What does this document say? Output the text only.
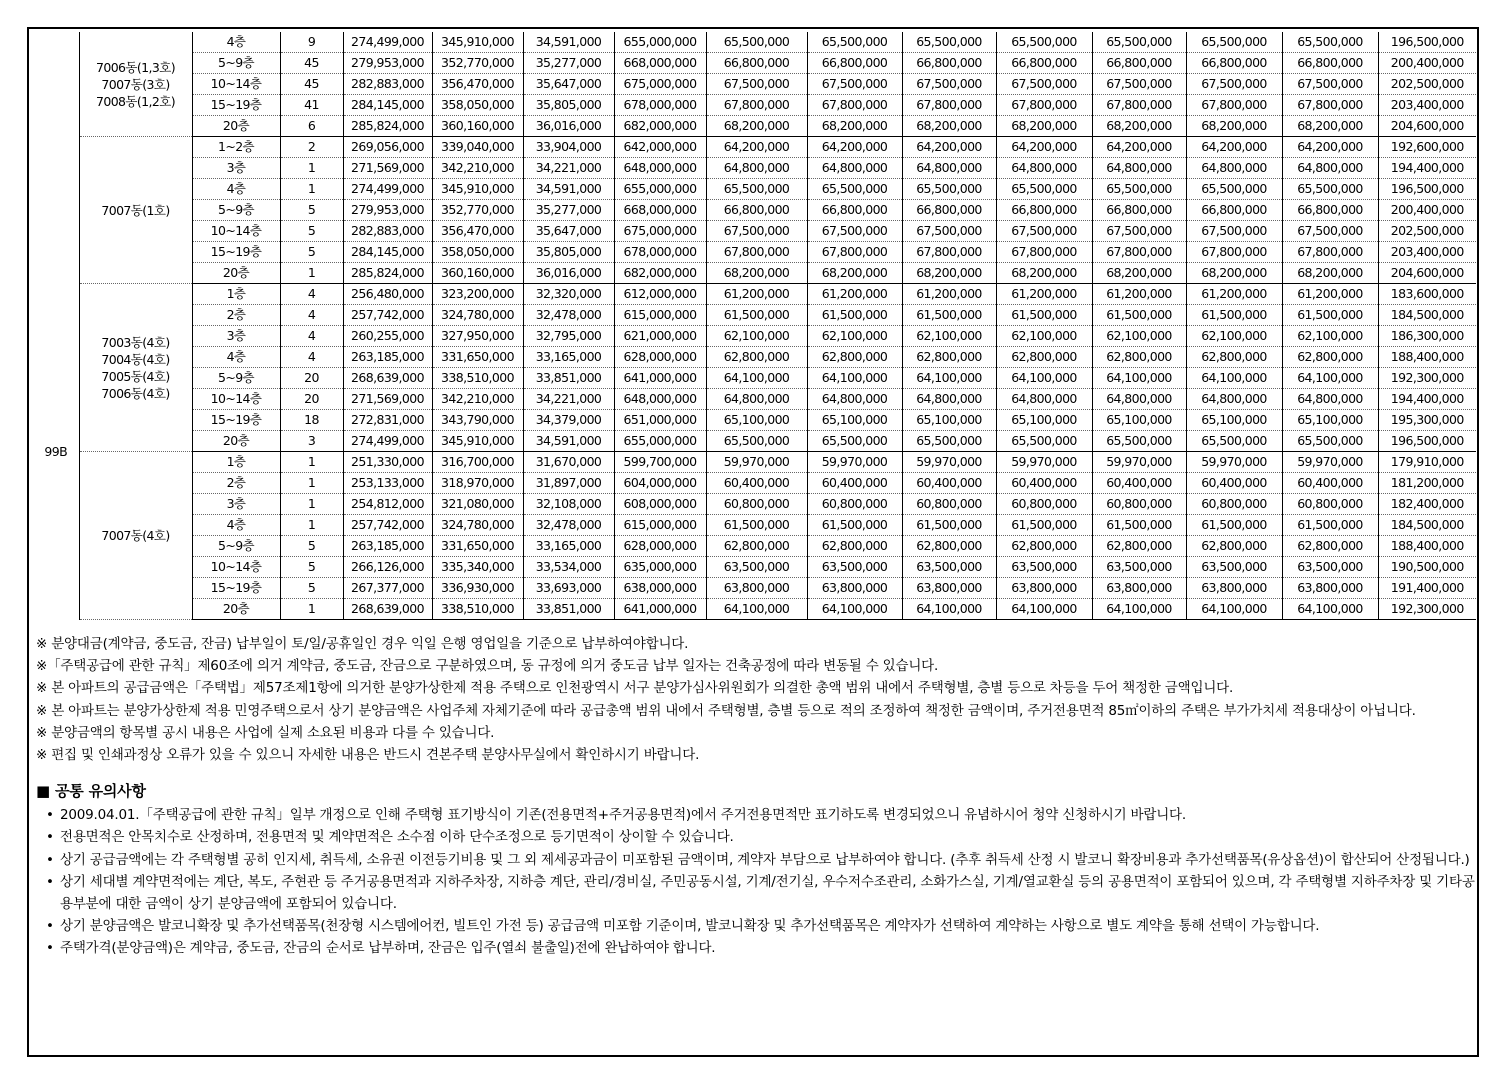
	7006동(1,3호)
7007동(3호)
7008동(1,2호)	4층	9	274,499,000	345,910,000	34,591,000	655,000,000	65,500,000	65,500,000	65,500,000	65,500,000	65,500,000	65,500,000	65,500,000	196,500,000
		5~9층	45	279,953,000	352,770,000	35,277,000	668,000,000	66,800,000	66,800,000	66,800,000	66,800,000	66,800,000	66,800,000	66,800,000	200,400,000
		10~14층	45	282,883,000	356,470,000	35,647,000	675,000,000	67,500,000	67,500,000	67,500,000	67,500,000	67,500,000	67,500,000	67,500,000	202,500,000
		15~19층	41	284,145,000	358,050,000	35,805,000	678,000,000	67,800,000	67,800,000	67,800,000	67,800,000	67,800,000	67,800,000	67,800,000	203,400,000
		20층	6	285,824,000	360,160,000	36,016,000	682,000,000	68,200,000	68,200,000	68,200,000	68,200,000	68,200,000	68,200,000	68,200,000	204,600,000

	7007동(1호)	1~2층	2	269,056,000	339,040,000	33,904,000	642,000,000	64,200,000	64,200,000	64,200,000	64,200,000	64,200,000	64,200,000	64,200,000	192,600,000
		3층	1	271,569,000	342,210,000	34,221,000	648,000,000	64,800,000	64,800,000	64,800,000	64,800,000	64,800,000	64,800,000	64,800,000	194,400,000
		4층	1	274,499,000	345,910,000	34,591,000	655,000,000	65,500,000	65,500,000	65,500,000	65,500,000	65,500,000	65,500,000	65,500,000	196,500,000
		5~9층	5	279,953,000	352,770,000	35,277,000	668,000,000	66,800,000	66,800,000	66,800,000	66,800,000	66,800,000	66,800,000	66,800,000	200,400,000
		10~14층	5	282,883,000	356,470,000	35,647,000	675,000,000	67,500,000	67,500,000	67,500,000	67,500,000	67,500,000	67,500,000	67,500,000	202,500,000
		15~19층	5	284,145,000	358,050,000	35,805,000	678,000,000	67,800,000	67,800,000	67,800,000	67,800,000	67,800,000	67,800,000	67,800,000	203,400,000
		20층	1	285,824,000	360,160,000	36,016,000	682,000,000	68,200,000	68,200,000	68,200,000	68,200,000	68,200,000	68,200,000	68,200,000	204,600,000
99B	7003동(4호)
7004동(4호)
7005동(4호)
7006동(4호)	1층	4	256,480,000	323,200,000	32,320,000	612,000,000	61,200,000	61,200,000	61,200,000	61,200,000	61,200,000	61,200,000	61,200,000	183,600,000
		2층	4	257,742,000	324,780,000	32,478,000	615,000,000	61,500,000	61,500,000	61,500,000	61,500,000	61,500,000	61,500,000	61,500,000	184,500,000
		3층	4	260,255,000	327,950,000	32,795,000	621,000,000	62,100,000	62,100,000	62,100,000	62,100,000	62,100,000	62,100,000	62,100,000	186,300,000
		4층	4	263,185,000	331,650,000	33,165,000	628,000,000	62,800,000	62,800,000	62,800,000	62,800,000	62,800,000	62,800,000	62,800,000	188,400,000
		5~9층	20	268,639,000	338,510,000	33,851,000	641,000,000	64,100,000	64,100,000	64,100,000	64,100,000	64,100,000	64,100,000	64,100,000	192,300,000
		10~14층	20	271,569,000	342,210,000	34,221,000	648,000,000	64,800,000	64,800,000	64,800,000	64,800,000	64,800,000	64,800,000	64,800,000	194,400,000
		15~19층	18	272,831,000	343,790,000	34,379,000	651,000,000	65,100,000	65,100,000	65,100,000	65,100,000	65,100,000	65,100,000	65,100,000	195,300,000
		20층	3	274,499,000	345,910,000	34,591,000	655,000,000	65,500,000	65,500,000	65,500,000	65,500,000	65,500,000	65,500,000	65,500,000	196,500,000

	7007동(4호)	1층	1	251,330,000	316,700,000	31,670,000	599,700,000	59,970,000	59,970,000	59,970,000	59,970,000	59,970,000	59,970,000	59,970,000	179,910,000
		2층	1	253,133,000	318,970,000	31,897,000	604,000,000	60,400,000	60,400,000	60,400,000	60,400,000	60,400,000	60,400,000	60,400,000	181,200,000
		3층	1	254,812,000	321,080,000	32,108,000	608,000,000	60,800,000	60,800,000	60,800,000	60,800,000	60,800,000	60,800,000	60,800,000	182,400,000
		4층	1	257,742,000	324,780,000	32,478,000	615,000,000	61,500,000	61,500,000	61,500,000	61,500,000	61,500,000	61,500,000	61,500,000	184,500,000
		5~9층	5	263,185,000	331,650,000	33,165,000	628,000,000	62,800,000	62,800,000	62,800,000	62,800,000	62,800,000	62,800,000	62,800,000	188,400,000
		10~14층	5	266,126,000	335,340,000	33,534,000	635,000,000	63,500,000	63,500,000	63,500,000	63,500,000	63,500,000	63,500,000	63,500,000	190,500,000
		15~19층	5	267,377,000	336,930,000	33,693,000	638,000,000	63,800,000	63,800,000	63,800,000	63,800,000	63,800,000	63,800,000	63,800,000	191,400,000
		20층	1	268,639,000	338,510,000	33,851,000	641,000,000	64,100,000	64,100,000	64,100,000	64,100,000	64,100,000	64,100,000	64,100,000	192,300,000
※ 분양대금(계약금, 중도금, 잔금) 납부일이 토/일/공휴일인 경우 익일 은행 영업일을 기준으로 납부하여야합니다.
※「주택공급에 관한 규칙」제60조에 의거 계약금, 중도금, 잔금으로 구분하였으며, 동 규정에 의거 중도금 납부 일자는 건축공정에 따라 변동될 수 있습니다.
※ 본 아파트의 공급금액은「주택법」제57조제1항에 의거한 분양가상한제 적용 주택으로 인천광역시 서구 분양가심사위원회가 의결한 총액 범위 내에서 주택형별, 층별 등으로 차등을 두어 책정한 금액입니다.
※ 본 아파트는 분양가상한제 적용 민영주택으로서 상기 분양금액은 사업주체 자체기준에 따라 공급총액 범위 내에서 주택형별, 층별 등으로 적의 조정하여 책정한 금액이며, 주거전용면적 85㎡이하의 주택은 부가가치세 적용대상이 아닙니다.
※ 분양금액의 항목별 공시 내용은 사업에 실제 소요된 비용과 다를 수 있습니다.
※ 편집 및 인쇄과정상 오류가 있을 수 있으니 자세한 내용은 반드시 견본주택 분양사무실에서 확인하시기 바랍니다.
■ 공통 유의사항
• 2009.04.01.「주택공급에 관한 규칙」일부 개정으로 인해 주택형 표기방식이 기존(전용면적+주거공용면적)에서 주거전용면적만 표기하도록 변경되었으니 유념하시어 청약 신청하시기 바랍니다.
• 전용면적은 안목치수로 산정하며, 전용면적 및 계약면적은 소수점 이하 단수조정으로 등기면적이 상이할 수 있습니다.
• 상기 공급금액에는 각 주택형별 공히 인지세, 취득세, 소유권 이전등기비용 및 그 외 제세공과금이 미포함된 금액이며, 계약자 부담으로 납부하여야 합니다. (추후 취득세 산정 시 발코니 확장비용과 추가선택품목(유상옵션)이 합산되어 산정됩니다.)
• 상기 세대별 계약면적에는 계단, 복도, 주현관 등 주거공용면적과 지하주차장, 지하층 계단, 관리/경비실, 주민공동시설, 기계/전기실, 우수저수조관리, 소화가스실, 기계/열교환실 등의 공용면적이 포함되어 있으며, 각 주택형별 지하주차장 및 기타공용부분에 대한 금액이 상기 분양금액에 포함되어 있습니다.
• 상기 분양금액은 발코니확장 및 추가선택품목(천장형 시스템에어컨, 빌트인 가전 등) 공급금액 미포함 기준이며, 발코니확장 및 추가선택품목은 계약자가 선택하여 계약하는 사항으로 별도 계약을 통해 선택이 가능합니다.
• 주택가격(분양금액)은 계약금, 중도금, 잔금의 순서로 납부하며, 잔금은 입주(열쇠 불출일)전에 완납하여야 합니다.
